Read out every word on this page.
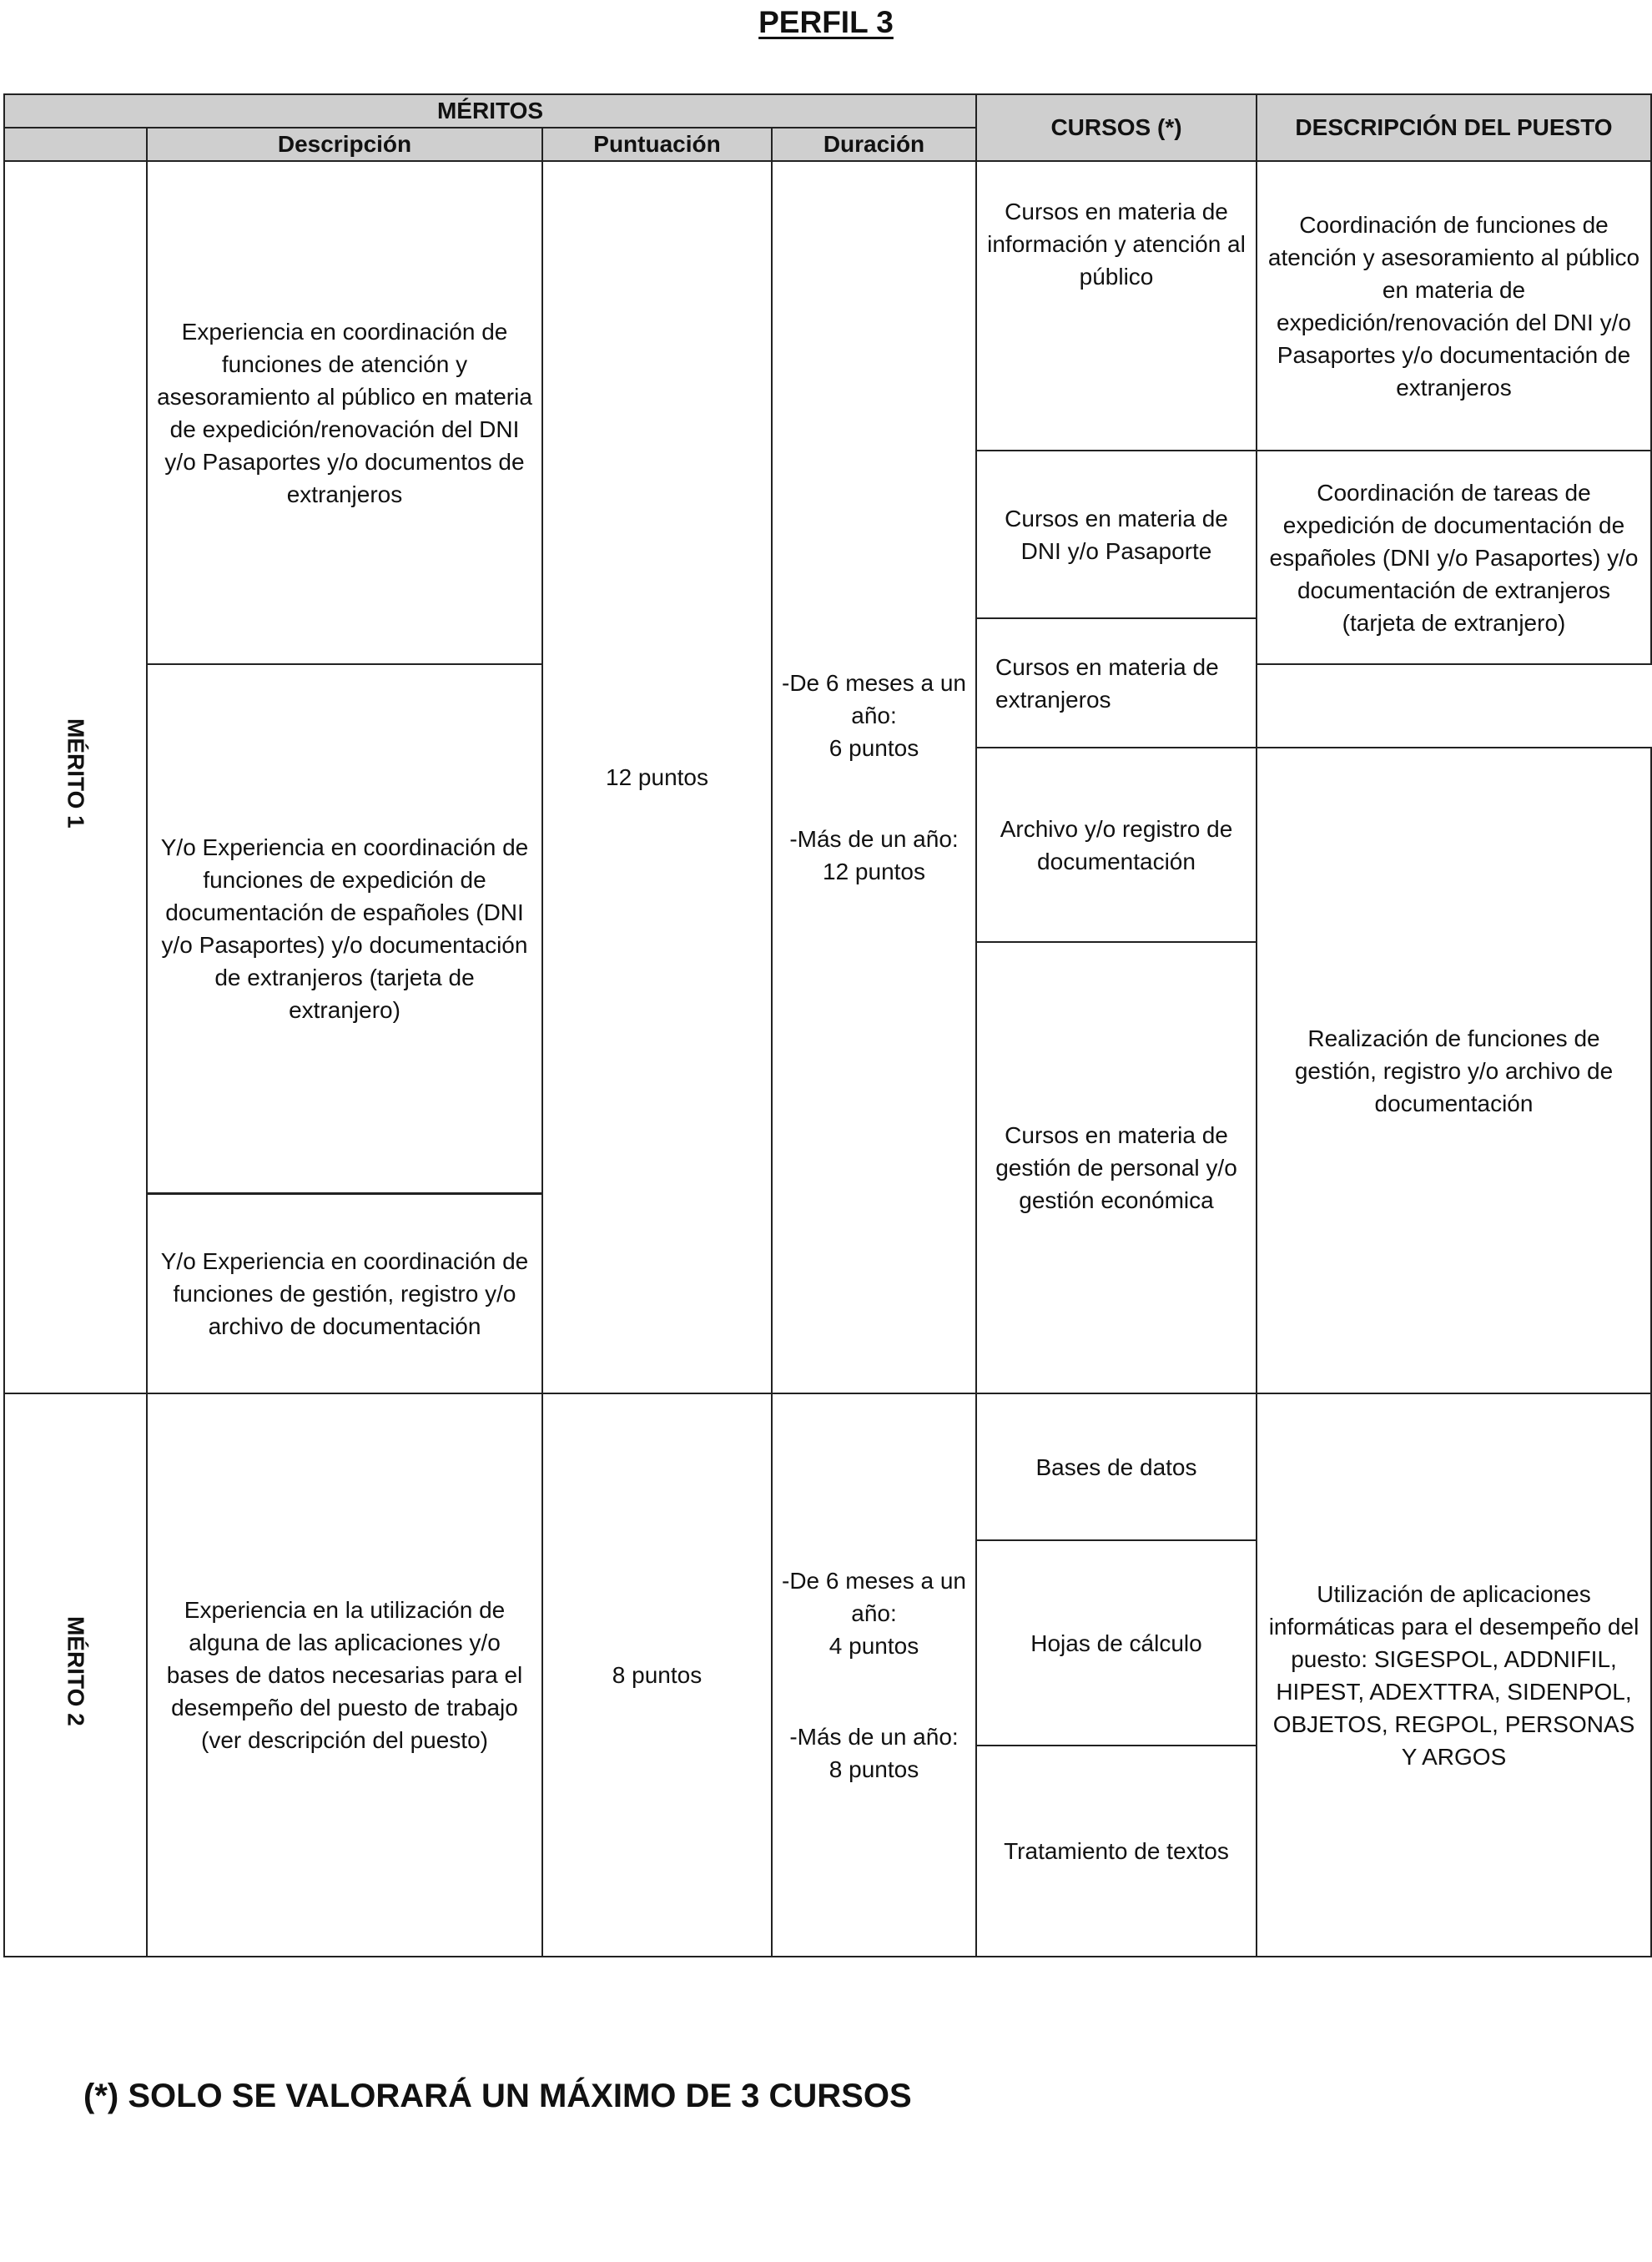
PERFIL 3
MÉRITOS				CURSOS (*)	DESCRIPCIÓN DEL PUESTO
	Descripción	Puntuación	Duración		
MÉRITO 1	Experiencia en coordinación de funciones de atención y asesoramiento al público en materia de expedición/renovación del DNI y/o Pasaportes y/o documentos de extranjeros	12 puntos	-De 6 meses a un año:
6 puntos
-Más de un año:
12 puntos	Cursos en materia de información y atención al público	Coordinación de funciones de atención y asesoramiento al público en materia de expedición/renovación del DNI y/o Pasaportes y/o documentación de extranjeros
				Cursos en materia de DNI y/o Pasaporte	Coordinación de tareas de expedición de documentación de españoles (DNI y/o Pasaportes) y/o documentación de extranjeros (tarjeta de extranjero)
				Cursos en materia de extranjeros	
	Y/o Experiencia en coordinación de funciones de expedición de documentación de españoles (DNI y/o Pasaportes) y/o documentación de extranjeros (tarjeta de extranjero)				
				Archivo y/o registro de documentación	Realización de funciones de gestión, registro y/o archivo de documentación
				Cursos en materia de gestión de personal y/o gestión económica	

	Y/o Experiencia en coordinación de funciones de gestión, registro y/o archivo de documentación				
MÉRITO 2	Experiencia en la utilización de alguna de las aplicaciones y/o bases de datos necesarias para el desempeño del puesto de trabajo (ver descripción del puesto)	8 puntos	-De 6 meses a un año:
4 puntos
-Más de un año:
8 puntos	Bases de datos	Utilización de aplicaciones informáticas para el desempeño del puesto: SIGESPOL, ADDNIFIL, HIPEST, ADEXTTRA, SIDENPOL, OBJETOS, REGPOL, PERSONAS Y ARGOS
				Hojas de cálculo	
				Tratamiento de textos	
(*) SOLO SE VALORARÁ UN MÁXIMO DE 3 CURSOS
